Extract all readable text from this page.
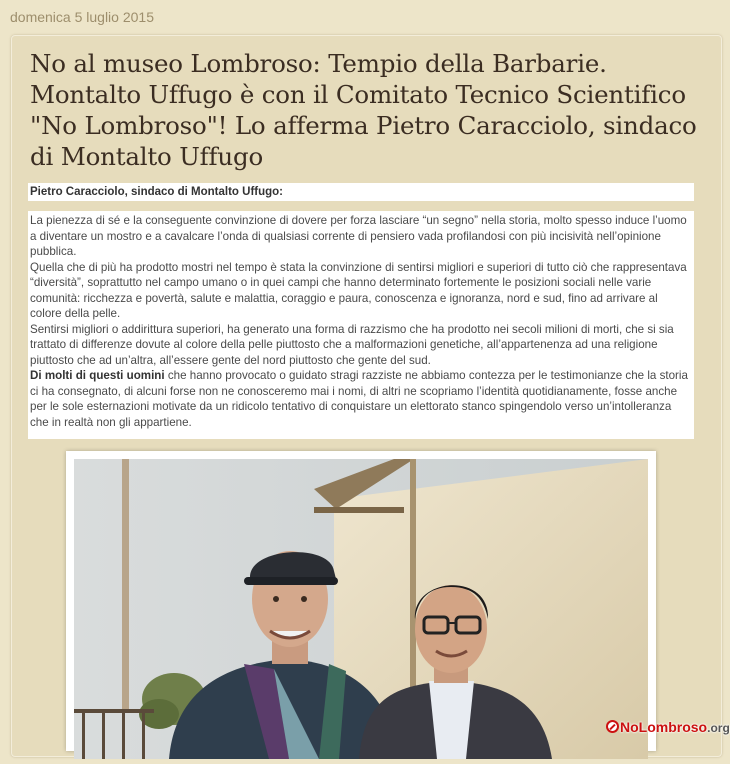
domenica 5 luglio 2015
No al museo Lombroso: Tempio della Barbarie. Montalto Uffugo è con il Comitato Tecnico Scientifico "No Lombroso"! Lo afferma Pietro Caracciolo, sindaco di Montalto Uffugo
Pietro Caracciolo, sindaco di Montalto Uffugo:

La pienezza di sé e la conseguente convinzione di dovere per forza lasciare “un segno” nella storia, molto spesso induce l’uomo a diventare un mostro e a cavalcare l’onda di qualsiasi corrente di pensiero vada profilandosi con più incisività nell’opinione pubblica.

Quella che di più ha prodotto mostri nel tempo è stata la convinzione di sentirsi migliori e superiori di tutto ciò che rappresentava “diversità”, soprattutto nel campo umano o in quei campi che hanno determinato fortemente le posizioni sociali nelle varie comunità: ricchezza e povertà, salute e malattia, coraggio e paura, conoscenza e ignoranza, nord e sud, fino ad arrivare al colore della pelle.

Sentirsi migliori o addirittura superiori, ha generato una forma di razzismo che ha prodotto nei secoli milioni di morti, che si sia trattato di differenze dovute al colore della pelle piuttosto che a malformazioni genetiche, all’appartenenza ad una religione piuttosto che ad un’altra, all’essere gente del nord piuttosto che gente del sud.

Di molti di questi uomini che hanno provocato o guidato stragi razziste ne abbiamo contezza per le testimonianze che la storia ci ha consegnato, di alcuni forse non ne conosceremo mai i nomi, di altri ne scopriamo l’identità quotidianamente, fosse anche per le sole esternazioni motivate da un ridicolo tentativo di conquistare un elettorato stanco spingendolo verso un’intolleranza che in realtà non gli appartiene.

NoLombroso.org
